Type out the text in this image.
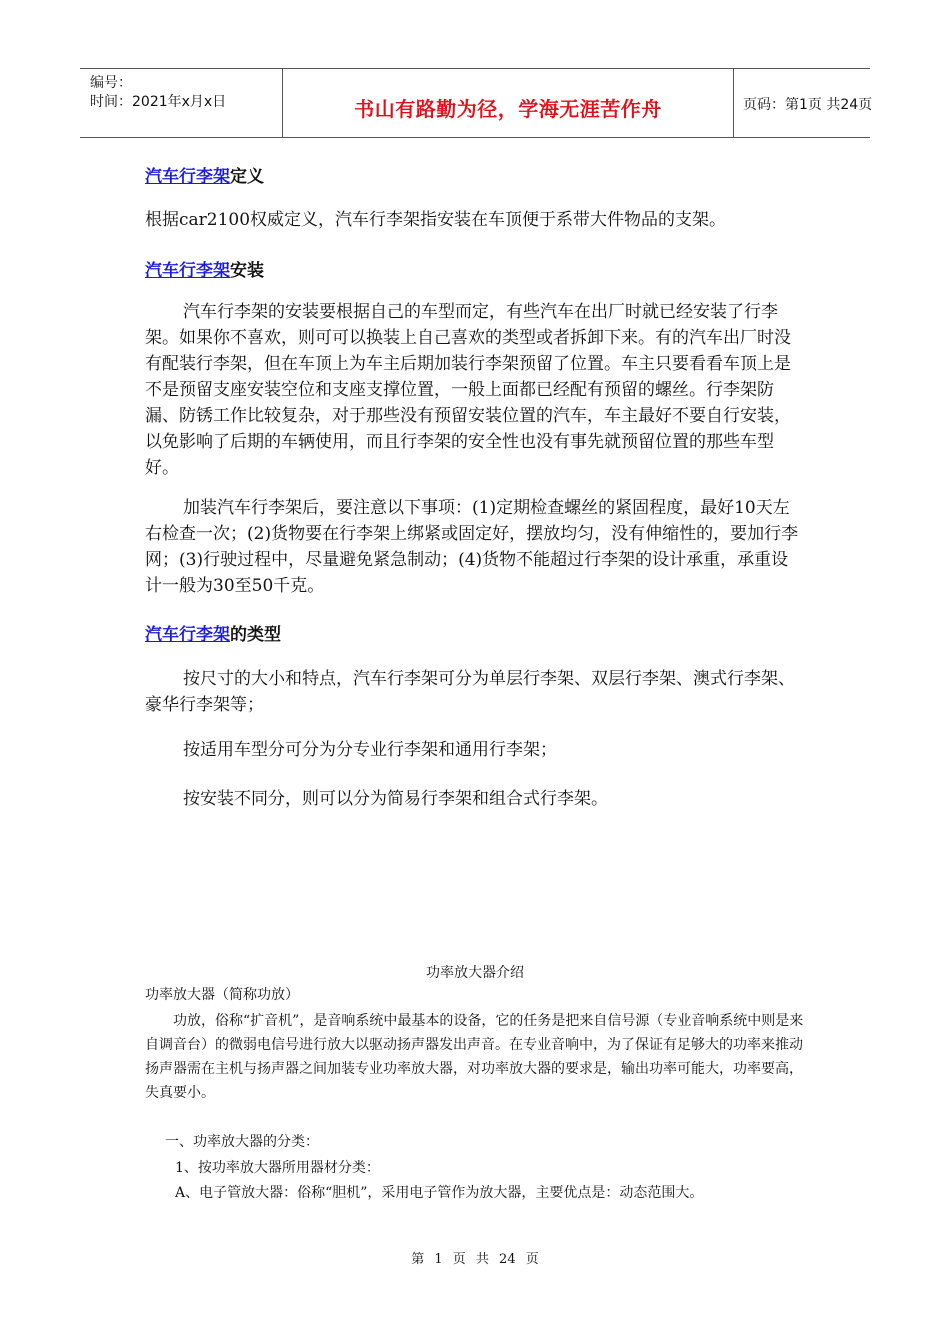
编号：
时间：2021年x月x日	书山有路勤为径，学海无涯苦作舟	页码：第1页 共24页
汽车行李架定义
根据car2100权威定义，汽车行李架指安装在车顶便于系带大件物品的支架。
汽车行李架安装
汽车行李架的安装要根据自己的车型而定，有些汽车在出厂时就已经安装了行李架。如果你不喜欢，则可可以换装上自己喜欢的类型或者拆卸下来。有的汽车出厂时没有配装行李架，但在车顶上为车主后期加装行李架预留了位置。车主只要看看车顶上是不是预留支座安装空位和支座支撑位置，一般上面都已经配有预留的螺丝。行李架防漏、防锈工作比较复杂，对于那些没有预留安装位置的汽车，车主最好不要自行安装，以免影响了后期的车辆使用，而且行李架的安全性也没有事先就预留位置的那些车型好。
加装汽车行李架后，要注意以下事项：(1)定期检查螺丝的紧固程度，最好10天左右检查一次；(2)货物要在行李架上绑紧或固定好，摆放均匀，没有伸缩性的，要加行李网；(3)行驶过程中，尽量避免紧急制动；(4)货物不能超过行李架的设计承重，承重设计一般为30至50千克。
汽车行李架的类型
按尺寸的大小和特点，汽车行李架可分为单层行李架、双层行李架、澳式行李架、豪华行李架等；
按适用车型分可分为分专业行李架和通用行李架；
按安装不同分，则可以分为简易行李架和组合式行李架。
功率放大器介绍
功率放大器（简称功放）
功放，俗称“扩音机”，是音响系统中最基本的设备，它的任务是把来自信号源（专业音响系统中则是来自调音台）的微弱电信号进行放大以驱动扬声器发出声音。在专业音响中，为了保证有足够大的功率来推动扬声器需在主机与扬声器之间加装专业功率放大器，对功率放大器的要求是，输出功率可能大，功率要高，失真要小。
一、功率放大器的分类：
1、按功率放大器所用器材分类：
A、电子管放大器：俗称“胆机”，采用电子管作为放大器，主要优点是：动态范围大。
第 1 页 共 24 页
